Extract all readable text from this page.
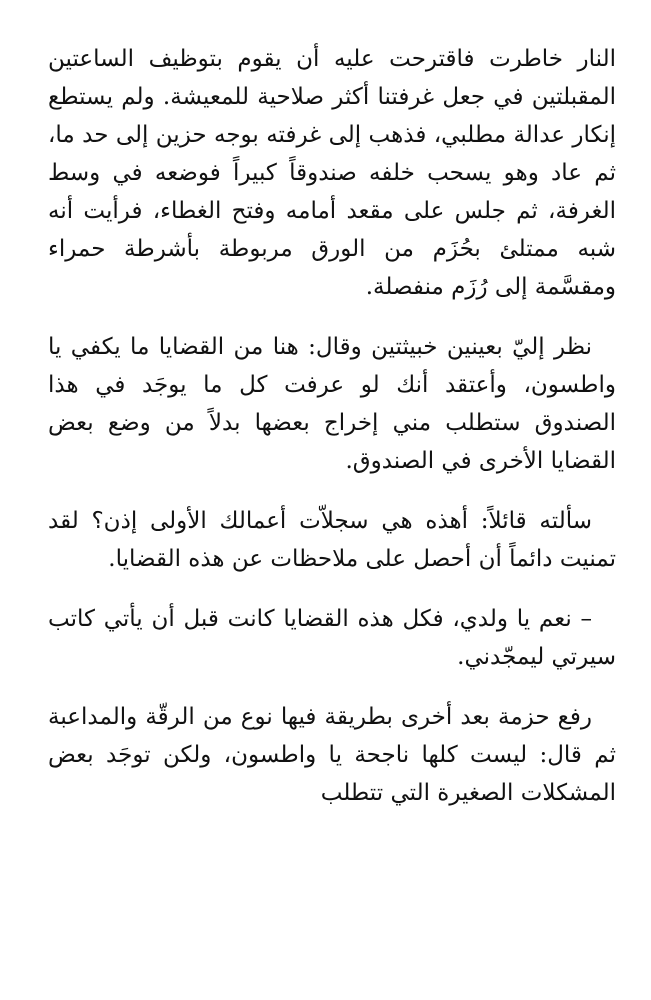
النار خاطرت فاقترحت عليه أن يقوم بتوظيف الساعتين المقبلتين في جعل غرفتنا أكثر صلاحية للمعيشة. ولم يستطع إنكار عدالة مطلبي، فذهب إلى غرفته بوجه حزين إلى حد ما، ثم عاد وهو يسحب خلفه صندوقاً كبيراً فوضعه في وسط الغرفة، ثم جلس على مقعد أمامه وفتح الغطاء، فرأيت أنه شبه ممتلئ بحُزَم من الورق مربوطة بأشرطة حمراء ومقسَّمة إلى رُزَم منفصلة.

نظر إليّ بعينين خبيثتين وقال: هنا من القضايا ما يكفي يا واطسون، وأعتقد أنك لو عرفت كل ما يوجَد في هذا الصندوق ستطلب مني إخراج بعضها بدلاً من وضع بعض القضايا الأخرى في الصندوق.

سألته قائلاً: أهذه هي سجلاّت أعمالك الأولى إذن؟ لقد تمنيت دائماً أن أحصل على ملاحظات عن هذه القضايا.

– نعم يا ولدي، فكل هذه القضايا كانت قبل أن يأتي كاتب سيرتي ليمجّدني.

رفع حزمة بعد أخرى بطريقة فيها نوع من الرقّة والمداعبة ثم قال: ليست كلها ناجحة يا واطسون، ولكن توجَد بعض المشكلات الصغيرة التي تتطلب
